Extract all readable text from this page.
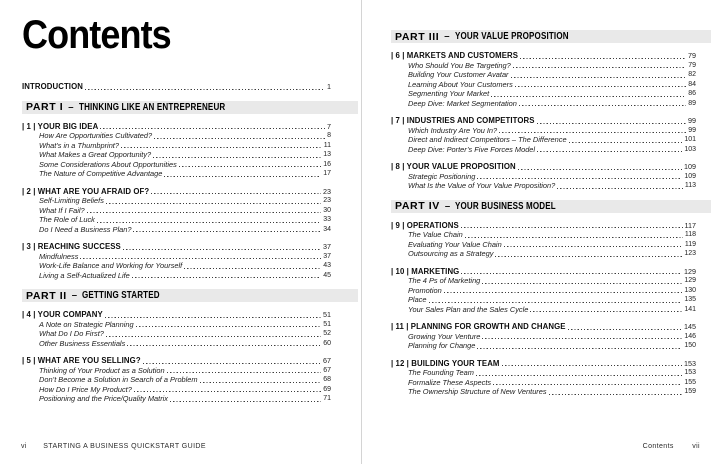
Contents
INTRODUCTION	1
PART I – THINKING LIKE AN ENTREPRENEUR
| 1 | YOUR BIG IDEA	7
How Are Opportunities Cultivated?	8
What’s in a Thumbprint?	11
What Makes a Great Opportunity?	13
Some Considerations About Opportunities	16
The Nature of Competitive Advantage	17
| 2 | WHAT ARE YOU AFRAID OF?	23
Self-Limiting Beliefs	23
What If I Fail?	30
The Role of Luck	33
Do I Need a Business Plan?	34
| 3 | REACHING SUCCESS	37
Mindfulness	37
Work-Life Balance and Working for Yourself	43
Living a Self-Actualized Life	45
PART II – GETTING STARTED
| 4 | YOUR COMPANY	51
A Note on Strategic Planning	51
What Do I Do First?	52
Other Business Essentials	60
| 5 | WHAT ARE YOU SELLING?	67
Thinking of Your Product as a Solution	67
Don’t Become a Solution in Search of a Problem	68
How Do I Price My Product?	69
Positioning and the Price/Quality Matrix	71
vi STARTING A BUSINESS QUICKSTART GUIDE
PART III – YOUR VALUE PROPOSITION
| 6 | MARKETS AND CUSTOMERS	79
Who Should You Be Targeting?	79
Building Your Customer Avatar	82
Learning About Your Customers	84
Segmenting Your Market	86
Deep Dive: Market Segmentation	89
| 7 | INDUSTRIES AND COMPETITORS	99
Which Industry Are You In?	99
Direct and Indirect Competitors – The Difference	101
Deep Dive: Porter’s Five Forces Model	103
| 8 | YOUR VALUE PROPOSITION	109
Strategic Positioning	109
What Is the Value of Your Value Proposition?	113
PART IV – YOUR BUSINESS MODEL
| 9 | OPERATIONS	117
The Value Chain	118
Evaluating Your Value Chain	119
Outsourcing as a Strategy	123
| 10 | MARKETING	129
The 4 Ps of Marketing	129
Promotion	130
Place	135
Your Sales Plan and the Sales Cycle	141
| 11 | PLANNING FOR GROWTH AND CHANGE	145
Growing Your Venture	146
Planning for Change	150
| 12 | BUILDING YOUR TEAM	153
The Founding Team	153
Formalize These Aspects	155
The Ownership Structure of New Ventures	159
Contents	vii
